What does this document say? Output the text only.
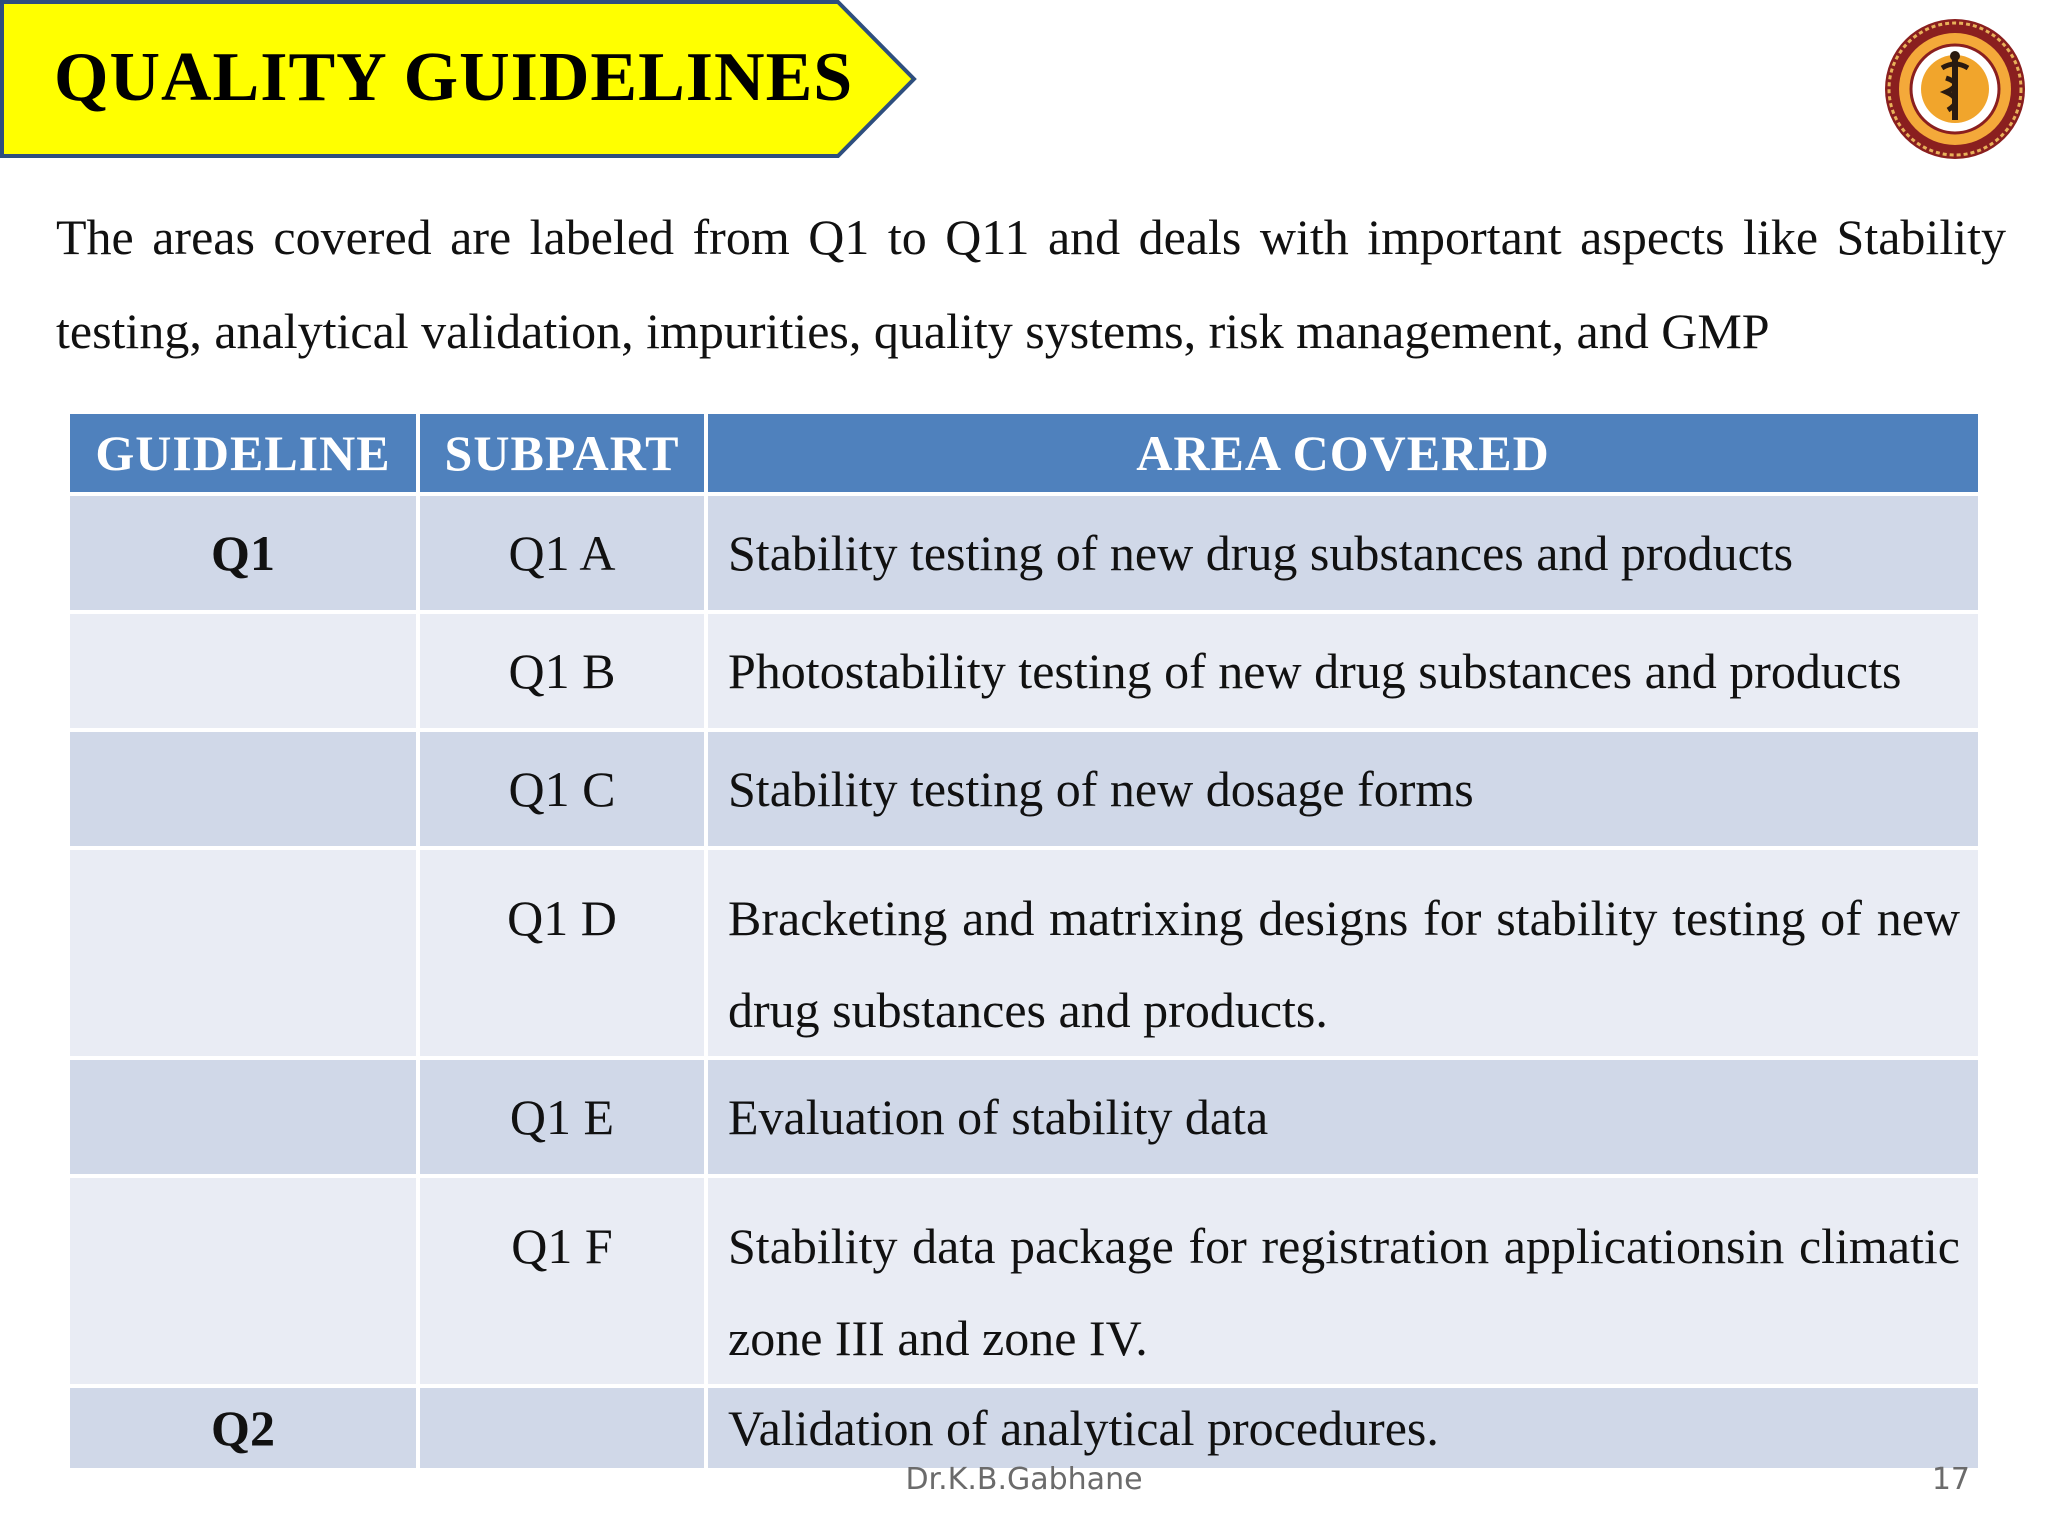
QUALITY GUIDELINES
The areas covered are labeled from Q1 to Q11 and deals with important aspects like Stability testing, analytical validation, impurities, quality systems, risk management, and GMP
GUIDELINE	SUBPART	AREA COVERED

Q1	Q1 A	Stability testing of new drug substances and products

	Q1 B	Photostability testing of new drug substances and products

	Q1 C	Stability testing of new dosage forms

	Q1 D	Bracketing and matrixing designs for stability testing of new drug substances and products.

	Q1 E	Evaluation of stability data

	Q1 F	Stability data package for registration applicationsin climatic zone III and zone IV.

Q2		Validation of analytical procedures.
Dr.K.B.Gabhane	17
